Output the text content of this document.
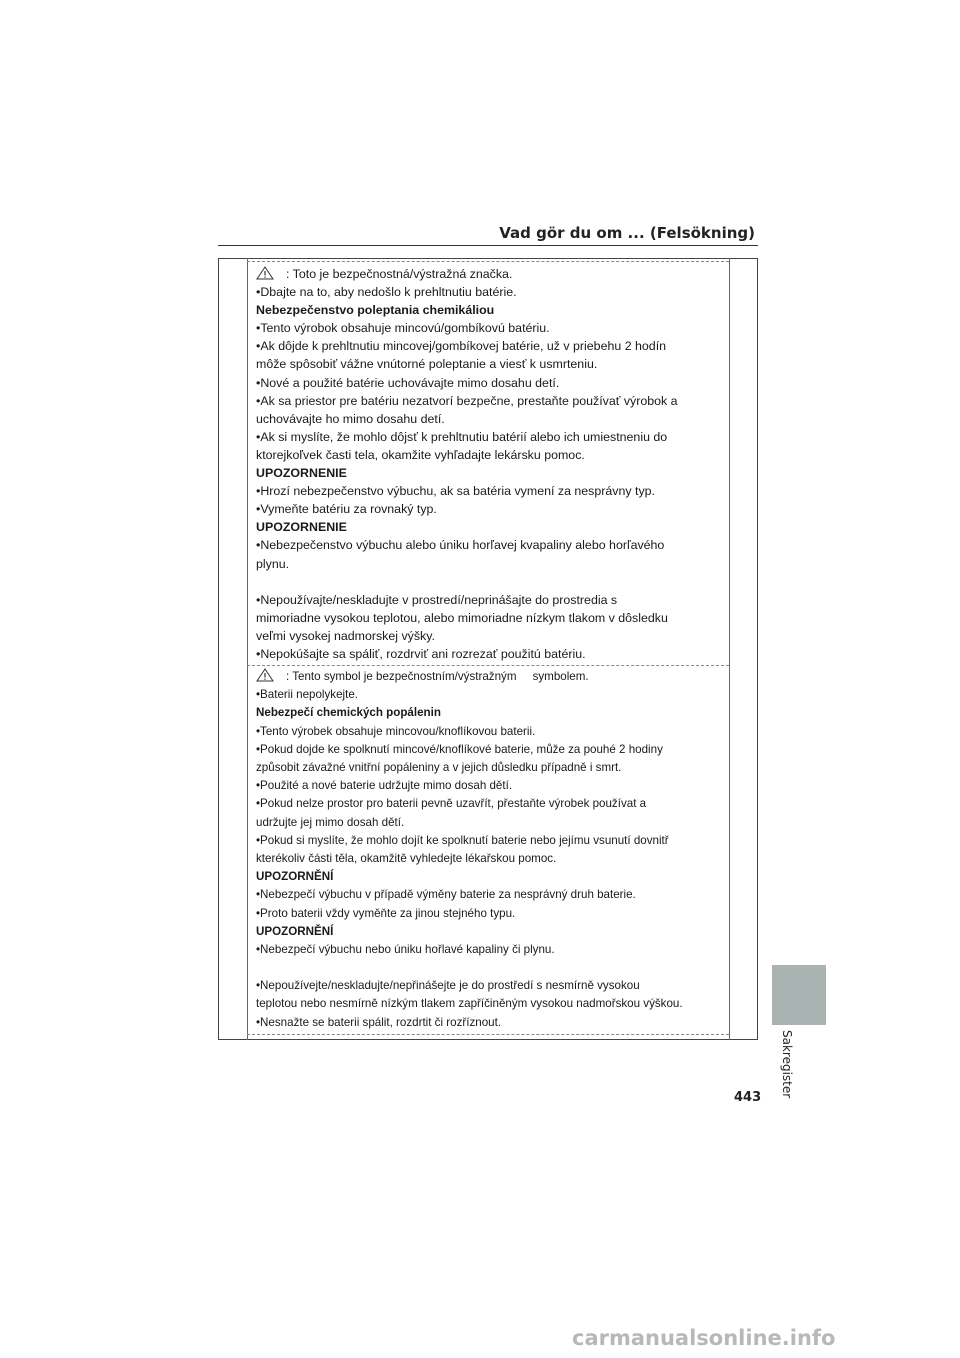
Vad gör du om ... (Felsökning)
: Toto je bezpečnostná/výstražná značka.
•Dbajte na to, aby nedošlo k prehltnutiu batérie.
Nebezpečenstvo poleptania chemikáliou
•Tento výrobok obsahuje mincovú/gombíkovú batériu.
•Ak dôjde k prehltnutiu mincovej/gombíkovej batérie, už v priebehu 2 hodín
môže spôsobiť vážne vnútorné poleptanie a viesť k usmrteniu.
•Nové a použité batérie uchovávajte mimo dosahu detí.
•Ak sa priestor pre batériu nezatvorí bezpečne, prestaňte používať výrobok a
uchovávajte ho mimo dosahu detí.
•Ak si myslíte, že mohlo dôjsť k prehltnutiu batérií alebo ich umiestneniu do
ktorejkoľvek časti tela, okamžite vyhľadajte lekársku pomoc.
UPOZORNENIE
•Hrozí nebezpečenstvo výbuchu, ak sa batéria vymení za nesprávny typ.
•Vymeňte batériu za rovnaký typ.
UPOZORNENIE
•Nebezpečenstvo výbuchu alebo úniku horľavej kvapaliny alebo horľavého
plynu.
•Nepoužívajte/neskladujte v prostredí/neprinášajte do prostredia s
mimoriadne vysokou teplotou, alebo mimoriadne nízkym tlakom v dôsledku
veľmi vysokej nadmorskej výšky.
•Nepokúšajte sa spáliť, rozdrviť ani rozrezať použitú batériu.
: Tento symbol je bezpečnostním/výstražným     symbolem.
•Baterii nepolykejte.
Nebezpečí chemických popálenin
•Tento výrobek obsahuje mincovou/knoflíkovou baterii.
•Pokud dojde ke spolknutí mincové/knoflíkové baterie, může za pouhé 2 hodiny
způsobit závažné vnitřní popáleniny a v jejich důsledku případně i smrt.
•Použité a nové baterie udržujte mimo dosah dětí.
•Pokud nelze prostor pro baterii pevně uzavřít, přestaňte výrobek používat a
udržujte jej mimo dosah dětí.
•Pokud si myslíte, že mohlo dojít ke spolknutí baterie nebo jejímu vsunutí dovnitř
kterékoliv části těla, okamžitě vyhledejte lékařskou pomoc.
UPOZORNĚNÍ
•Nebezpečí výbuchu v případě výměny baterie za nesprávný druh baterie.
•Proto baterii vždy vyměňte za jinou stejného typu.
UPOZORNĚNÍ
•Nebezpečí výbuchu nebo úniku hořlavé kapaliny či plynu.
•Nepoužívejte/neskladujte/nepřinášejte je do prostředí s nesmírně vysokou
teplotou nebo nesmírně nízkým tlakem zapříčiněným vysokou nadmořskou výškou.
•Nesnažte se baterii spálit, rozdrtit či rozříznout.
Sakregister
443
carmanualsonline.info
